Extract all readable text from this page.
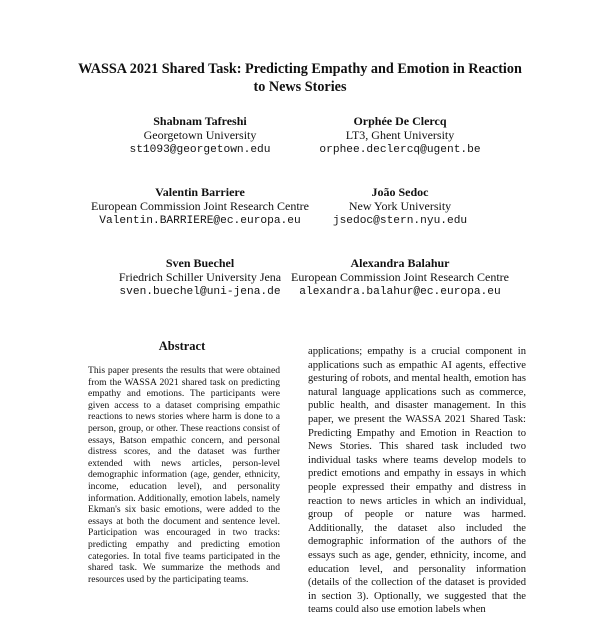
WASSA 2021 Shared Task: Predicting Empathy and Emotion in Reaction
to News Stories
Shabnam Tafreshi
Georgetown University
st1093@georgetown.edu
Orphée De Clercq
LT3, Ghent University
orphee.declercq@ugent.be
Valentin Barriere
European Commission Joint Research Centre
Valentin.BARRIERE@ec.europa.eu
João Sedoc
New York University
jsedoc@stern.nyu.edu
Sven Buechel
Friedrich Schiller University Jena
sven.buechel@uni-jena.de
Alexandra Balahur
European Commission Joint Research Centre
alexandra.balahur@ec.europa.eu
Abstract

This paper presents the results that were obtained from the WASSA 2021 shared task on predicting empathy and emotions. The participants were given access to a dataset comprising empathic reactions to news stories where harm is done to a person, group, or other. These reactions consist of essays, Batson empathic concern, and personal distress scores, and the dataset was further extended with news articles, person-level demographic information (age, gender, ethnicity, income, education level), and personality information. Additionally, emotion labels, namely Ekman's six basic emotions, were added to the essays at both the document and sentence level. Participation was encouraged in two tracks: predicting empathy and predicting emotion categories. In total five teams participated in the shared task. We summarize the methods and resources used by the participating teams.

applications; empathy is a crucial component in applications such as empathic AI agents, effective gesturing of robots, and mental health, emotion has natural language applications such as commerce, public health, and disaster management. In this paper, we present the WASSA 2021 Shared Task: Predicting Empathy and Emotion in Reaction to News Stories. This shared task included two individual tasks where teams develop models to predict emotions and empathy in essays in which people expressed their empathy and distress in reaction to news articles in which an individual, group of people or nature was harmed. Additionally, the dataset also included the demographic information of the authors of the essays such as age, gender, ethnicity, income, and education level, and personality information (details of the collection of the dataset is provided in section 3). Optionally, we suggested that the teams could also use emotion labels when
